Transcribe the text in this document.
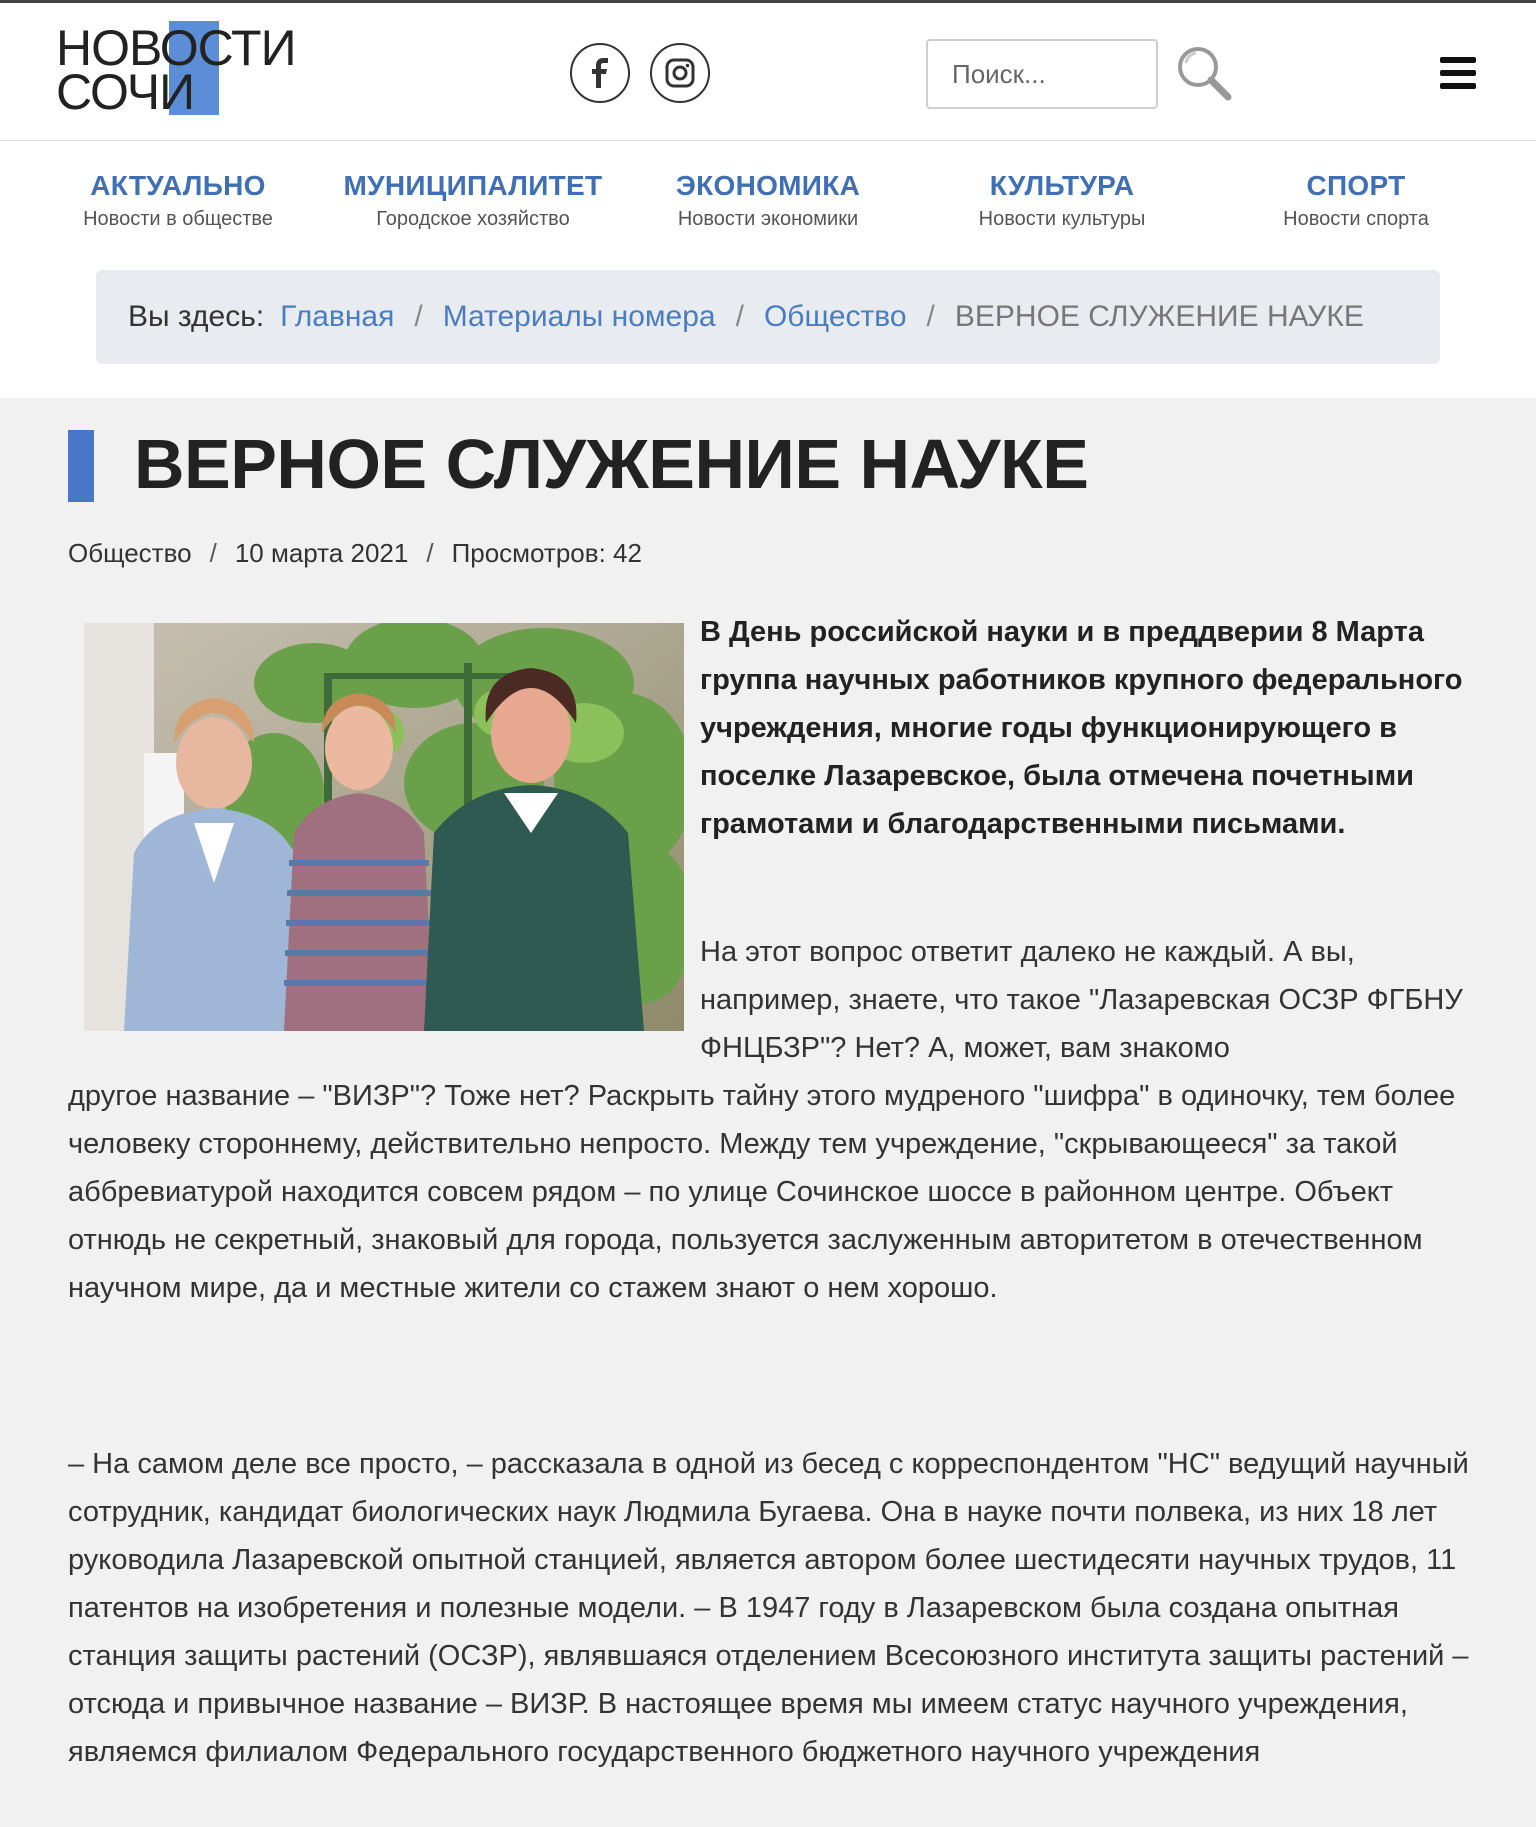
НОВОСТИ
СОЧИ
Поиск...
АКТУАЛЬНО
Новости в обществе
МУНИЦИПАЛИТЕТ
Городское хозяйство
ЭКОНОМИКА
Новости экономики
КУЛЬТУРА
Новости культуры
СПОРТ
Новости спорта
Вы здесь: Главная / Материалы номера / Общество / ВЕРНОЕ СЛУЖЕНИЕ НАУКЕ
ВЕРНОЕ СЛУЖЕНИЕ НАУКЕ
Общество / 10 марта 2021 / Просмотров: 42

В День российской науки и в преддверии 8 Марта группа научных работников крупного федерального учреждения, многие годы функционирующего в поселке Лазаревское, была отмечена почетными грамотами и благодарственными письмами.

На этот вопрос ответит далеко не каждый. А вы, например, знаете, что такое "Лазаревская ОСЗР ФГБНУ ФНЦБЗР"? Нет? А, может, вам знакомо

другое название – "ВИЗР"? Тоже нет? Раскрыть тайну этого мудреного "шифра" в одиночку, тем более человеку стороннему, действительно непросто. Между тем учреждение, "скрывающееся" за такой аббревиатурой находится совсем рядом – по улице Сочинское шоссе в районном центре. Объект отнюдь не секретный, знаковый для города, пользуется заслуженным авторитетом в отечественном научном мире, да и местные жители со стажем знают о нем хорошо.

– На самом деле все просто, – рассказала в одной из бесед с корреспондентом "НС" ведущий научный сотрудник, кандидат биологических наук Людмила Бугаева. Она в науке почти полвека, из них 18 лет руководила Лазаревской опытной станцией, является автором более шестидесяти научных трудов, 11 патентов на изобретения и полезные модели. – В 1947 году в Лазаревском была создана опытная станция защиты растений (ОСЗР), являвшаяся отделением Всесоюзного института защиты растений – отсюда и привычное название – ВИЗР. В настоящее время мы имеем статус научного учреждения, являемся филиалом Федерального государственного бюджетного научного учреждения
